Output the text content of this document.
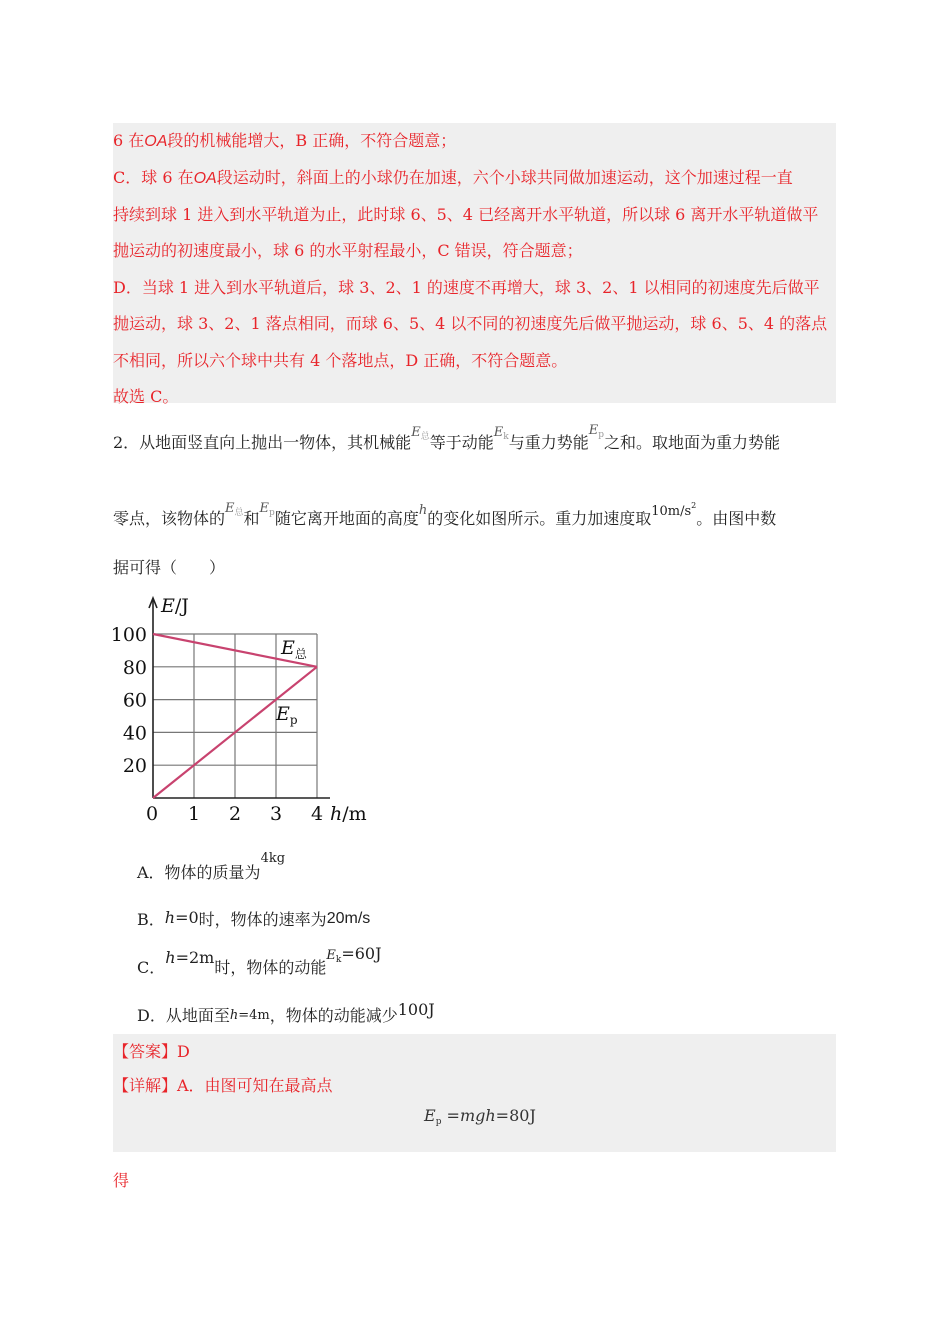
6 在OA段的机械能增大，B 正确，不符合题意；
C．球 6 在OA段运动时，斜面上的小球仍在加速，六个小球共同做加速运动，这个加速过程一直
持续到球 1 进入到水平轨道为止，此时球 6、5、4 已经离开水平轨道，所以球 6 离开水平轨道做平
抛运动的初速度最小，球 6 的水平射程最小，C 错误，符合题意；
D．当球 1 进入到水平轨道后，球 3、2、1 的速度不再增大，球 3、2、1 以相同的初速度先后做平
抛运动，球 3、2、1 落点相同，而球 6、5、4 以不同的初速度先后做平抛运动，球 6、5、4 的落点
不相同，所以六个球中共有 4 个落地点，D 正确，不符合题意。
故选 C。
2．从地面竖直向上抛出一物体，其机械能$^{E总}$等于动能$^{Ek}$与重力势能$^{Ep}$之和。取地面为重力势能
零点，该物体的$^{E总}$和$^{Ep}$随它离开地面的高度$^h$的变化如图所示。重力加速度取$^{10m/s2}$。由图中数
据可得（　　）
0 1 2 3 4
20
40
60
80
100
E/J
h/m
$E_总$
$E_p$
A．物体的质量为$^{4kg}$
B．h=0时，物体的速率为20m/s
C．h=2m时，物体的动能$E_k=60J$
D．从地面至h=4m，物体的动能减少100J
【答案】D
【详解】A．由图可知在最高点
$E_p =mgh=80J$
得
